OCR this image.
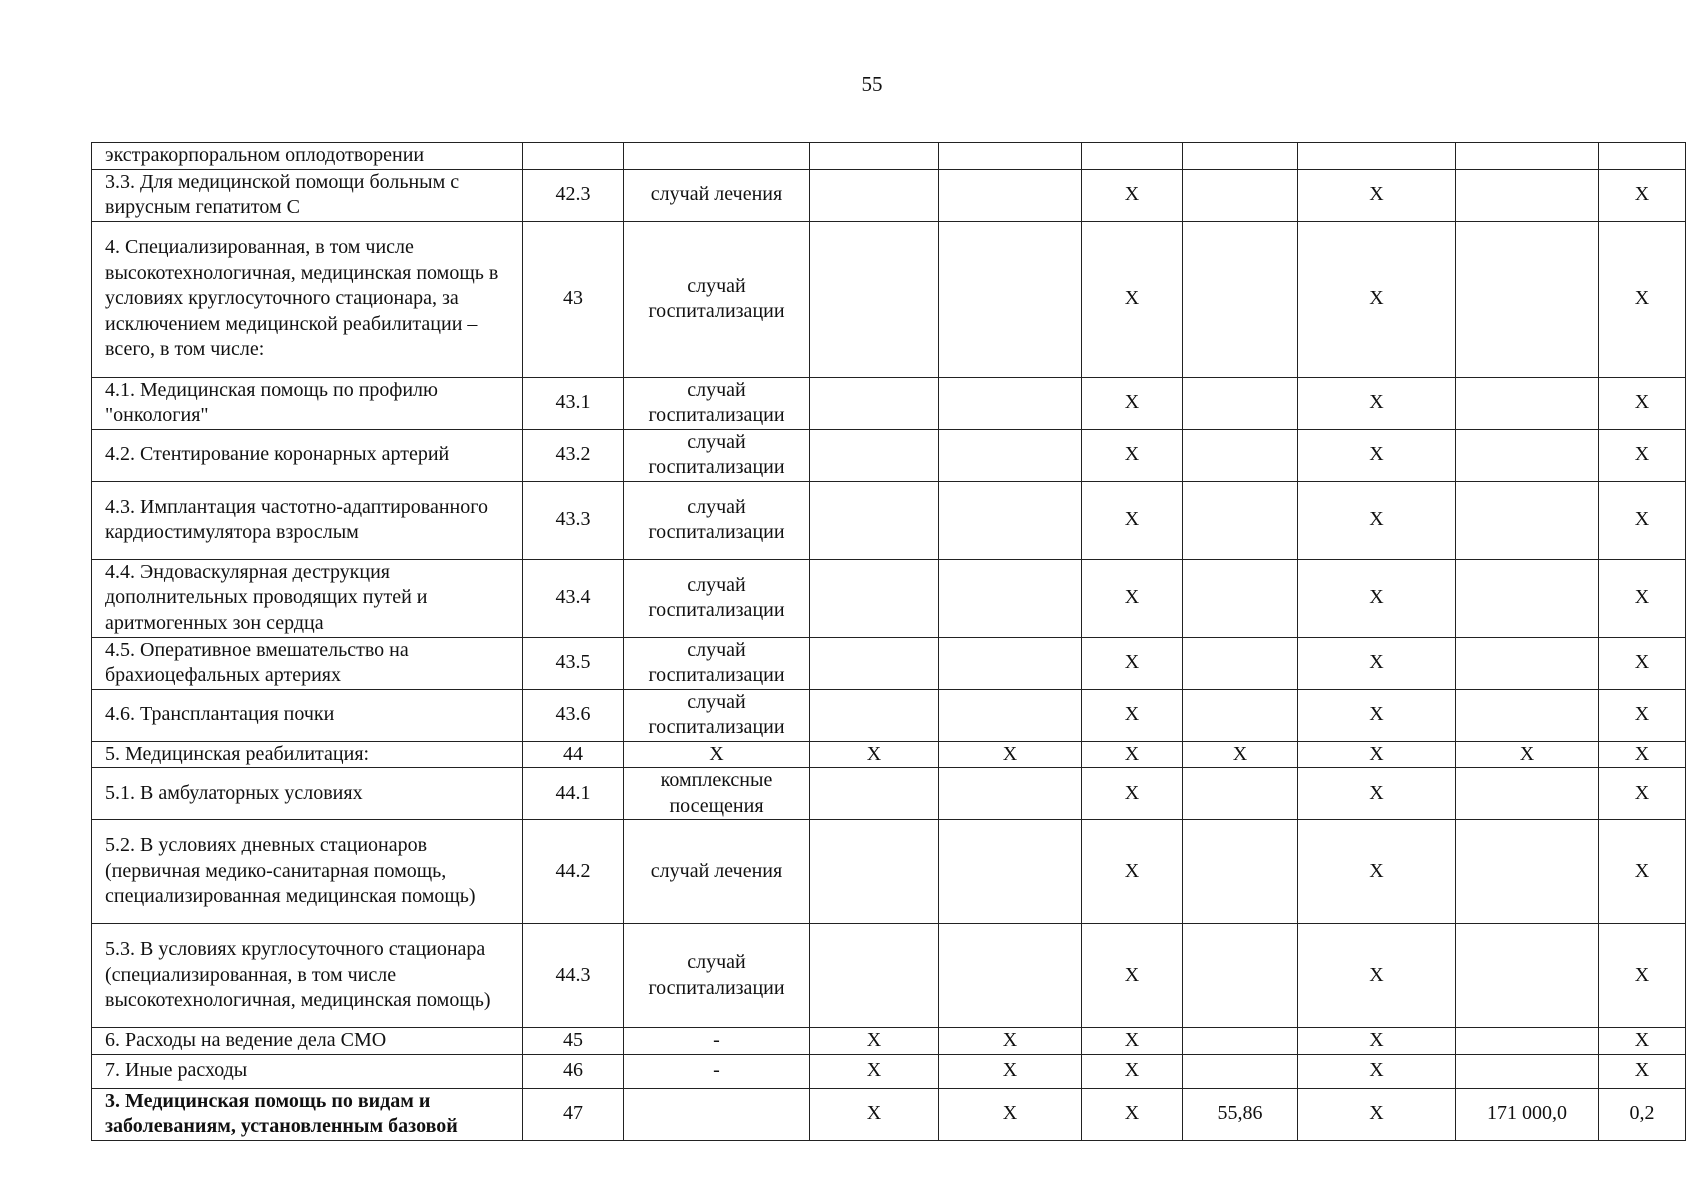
55
экстракорпоральном оплодотворении									
3.3. Для медицинской помощи больным с вирусным гепатитом С	42.3	случай лечения			X		X		X
4. Специализированная, в том числе высокотехнологичная, медицинская помощь в условиях круглосуточного стационара, за исключением медицинской реабилитации – всего, в том числе:	43	случай госпитализации			X		X		X
4.1. Медицинская помощь по профилю "онкология"	43.1	случай госпитализации			X		X		X
4.2. Стентирование коронарных артерий	43.2	случай госпитализации			X		X		X
4.3. Имплантация частотно-адаптированного кардиостимулятора взрослым	43.3	случай госпитализации			X		X		X
4.4. Эндоваскулярная деструкция дополнительных проводящих путей и аритмогенных зон сердца	43.4	случай госпитализации			X		X		X
4.5. Оперативное вмешательство на брахиоцефальных артериях	43.5	случай госпитализации			X		X		X
4.6. Трансплантация почки	43.6	случай госпитализации			X		X		X
5. Медицинская реабилитация:	44	X	X	X	X	X	X	X	X
5.1. В амбулаторных условиях	44.1	комплексные посещения			X		X		X
5.2. В условиях дневных стационаров (первичная медико-санитарная помощь, специализированная медицинская помощь)	44.2	случай лечения			X		X		X
5.3. В условиях круглосуточного стационара (специализированная, в том числе высокотехнологичная, медицинская помощь)	44.3	случай госпитализации			X		X		X
6. Расходы на ведение дела СМО	45	-	X	X	X		X		X
7. Иные расходы	46	-	X	X	X		X		X
3. Медицинская помощь по видам и заболеваниям, установленным базовой	47		X	X	X	55,86	X	171 000,0	0,2
